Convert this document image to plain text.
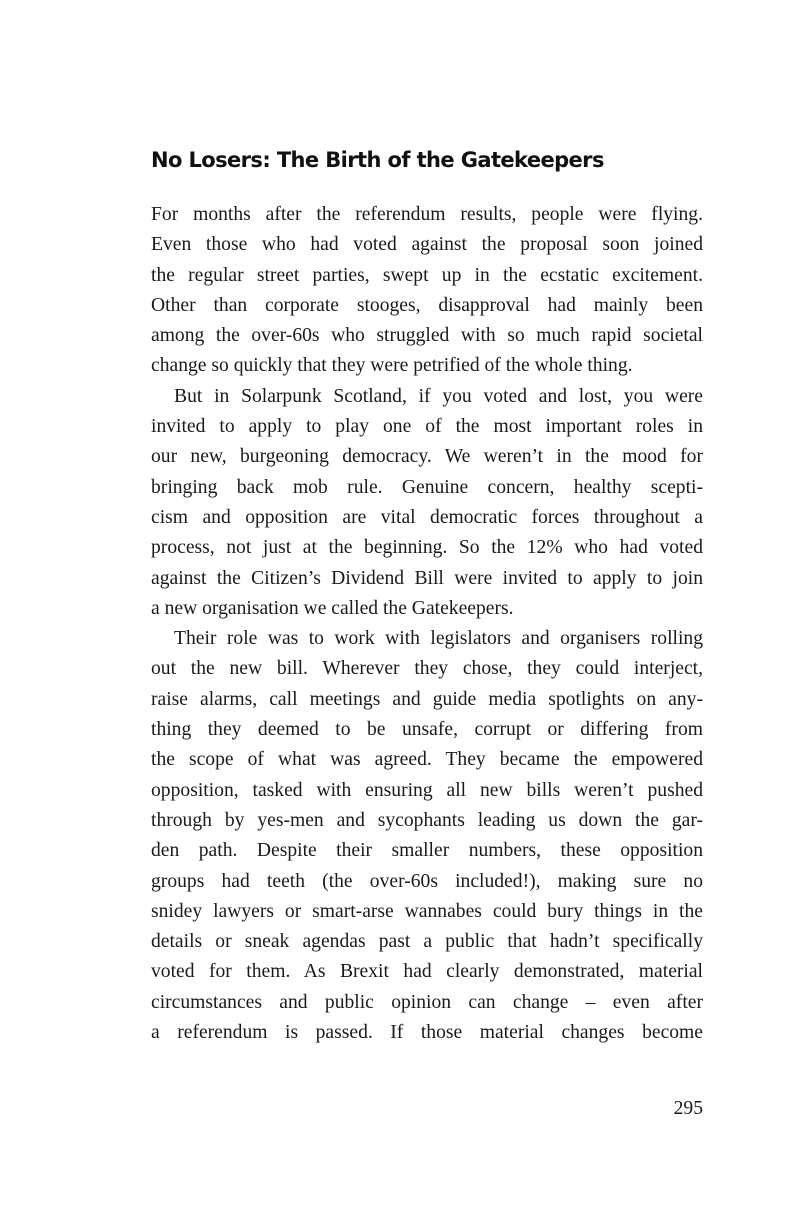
No Losers: The Birth of the Gatekeepers

For months after the referendum results, people were flying.
Even those who had voted against the proposal soon joined
the regular street parties, swept up in the ecstatic excitement.
Other than corporate stooges, disapproval had mainly been
among the over-60s who struggled with so much rapid societal
change so quickly that they were petrified of the whole thing.

But in Solarpunk Scotland, if you voted and lost, you were
invited to apply to play one of the most important roles in
our new, burgeoning democracy. We weren’t in the mood for
bringing back mob rule. Genuine concern, healthy scepti-
cism and opposition are vital democratic forces throughout a
process, not just at the beginning. So the 12% who had voted
against the Citizen’s Dividend Bill were invited to apply to join
a new organisation we called the Gatekeepers.

Their role was to work with legislators and organisers rolling
out the new bill. Wherever they chose, they could interject,
raise alarms, call meetings and guide media spotlights on any-
thing they deemed to be unsafe, corrupt or differing from
the scope of what was agreed. They became the empowered
opposition, tasked with ensuring all new bills weren’t pushed
through by yes-men and sycophants leading us down the gar-
den path. Despite their smaller numbers, these opposition
groups had teeth (the over-60s included!), making sure no
snidey lawyers or smart-arse wannabes could bury things in the
details or sneak agendas past a public that hadn’t specifically
voted for them. As Brexit had clearly demonstrated, material
circumstances and public opinion can change – even after
a referendum is passed. If those material changes become

295
